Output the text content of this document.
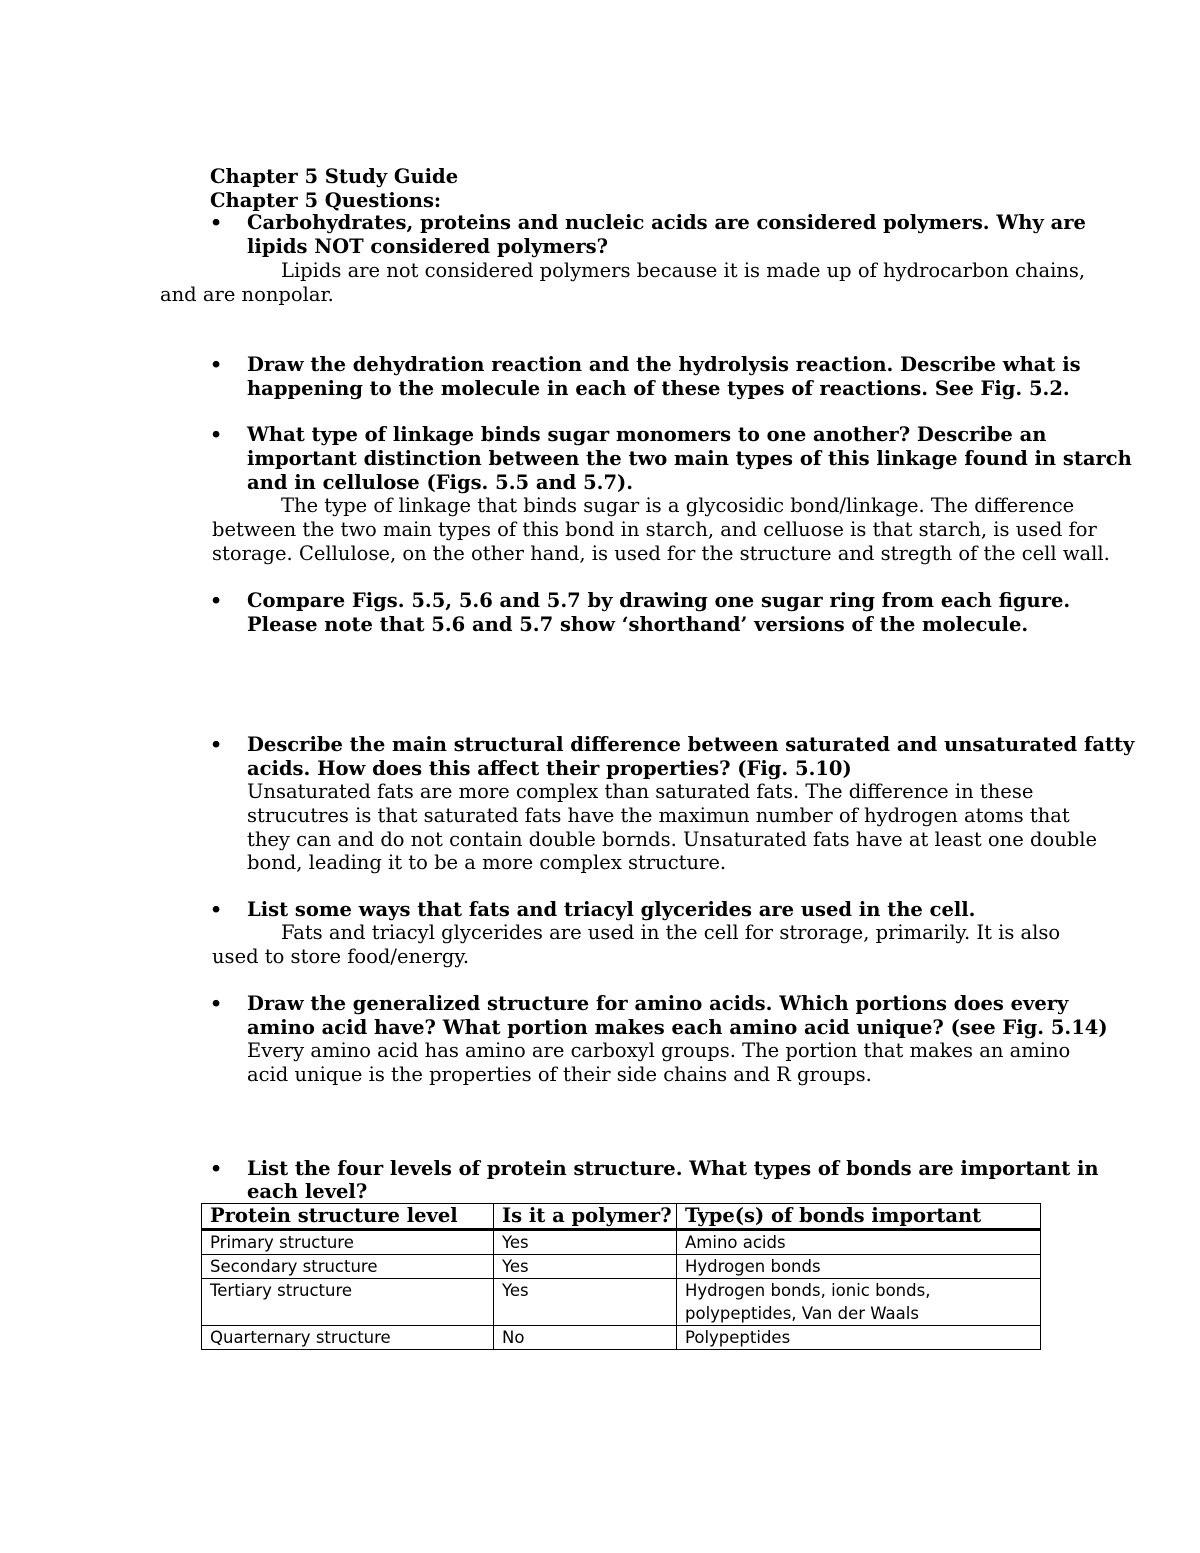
Chapter 5 Study Guide
Chapter 5 Questions:
• Carbohydrates, proteins and nucleic acids are considered polymers. Why are
lipids NOT considered polymers?
Lipids are not considered polymers because it is made up of hydrocarbon chains,
and are nonpolar.
• Draw the dehydration reaction and the hydrolysis reaction. Describe what is
happening to the molecule in each of these types of reactions. See Fig. 5.2.
• What type of linkage binds sugar monomers to one another? Describe an
important distinction between the two main types of this linkage found in starch
and in cellulose (Figs. 5.5 and 5.7).
The type of linkage that binds sugar is a glycosidic bond/linkage. The difference
between the two main types of this bond in starch, and celluose is that starch, is used for
storage. Cellulose, on the other hand, is used for the structure and stregth of the cell wall.
• Compare Figs. 5.5, 5.6 and 5.7 by drawing one sugar ring from each figure.
Please note that 5.6 and 5.7 show ‘shorthand’ versions of the molecule.
• Describe the main structural difference between saturated and unsaturated fatty
acids. How does this affect their properties? (Fig. 5.10)
Unsaturated fats are more complex than saturated fats. The difference in these
strucutres is that saturated fats have the maximun number of hydrogen atoms that
they can and do not contain double bornds. Unsaturated fats have at least one double
bond, leading it to be a more complex structure.
• List some ways that fats and triacyl glycerides are used in the cell.
Fats and triacyl glycerides are used in the cell for strorage, primarily. It is also
used to store food/energy.
• Draw the generalized structure for amino acids. Which portions does every
amino acid have? What portion makes each amino acid unique? (see Fig. 5.14)
Every amino acid has amino are carboxyl groups. The portion that makes an amino
acid unique is the properties of their side chains and R groups.
• List the four levels of protein structure. What types of bonds are important in
each level?
Protein structure level	Is it a polymer?	Type(s) of bonds important
Primary structure	Yes	Amino acids
Secondary structure	Yes	Hydrogen bonds
Tertiary structure	Yes	Hydrogen bonds, ionic bonds,
polypeptides, Van der Waals

Quarternary structure	No	Polypeptides
